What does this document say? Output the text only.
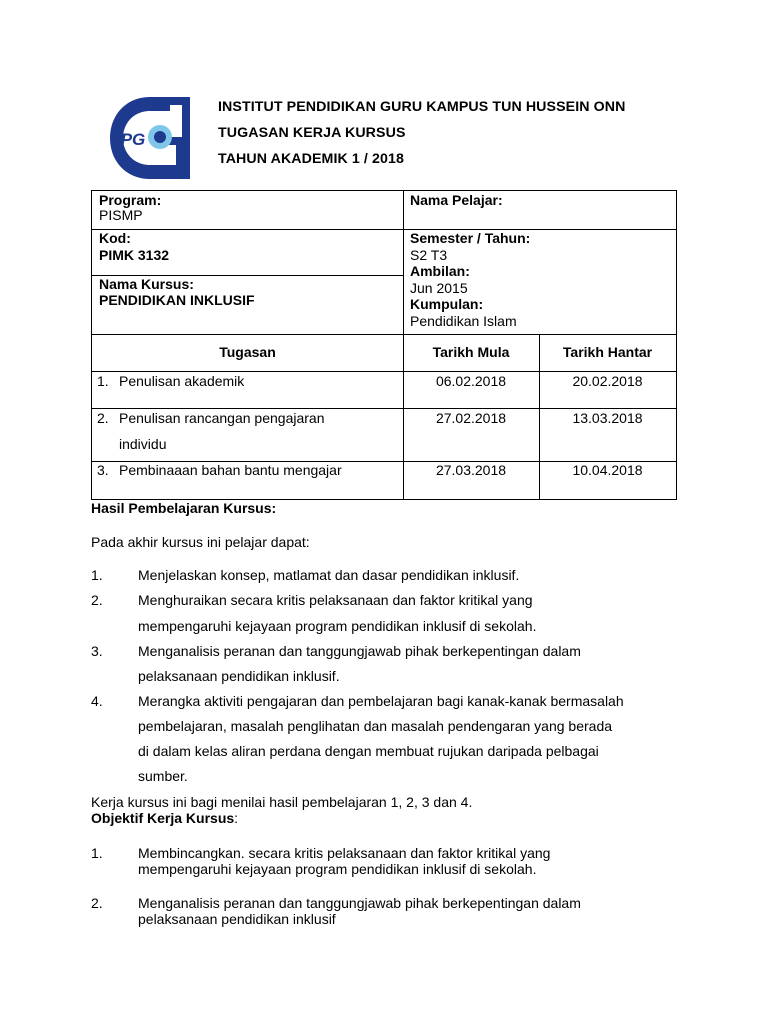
IPG
INSTITUT PENDIDIKAN GURU KAMPUS TUN HUSSEIN ONN
TUGASAN KERJA KURSUS
TAHUN AKADEMIK 1 / 2018
Program:
PISMP
Nama Pelajar:
Kod:
PIMK 3132
Nama Kursus:
PENDIDIKAN INKLUSIF
Semester / Tahun:
S2 T3
Ambilan:
Jun 2015
Kumpulan:
Pendidikan Islam
Tugasan	Tarikh Mula	Tarikh Hantar
1. Penulisan akademik	06.02.2018	20.02.2018
2. Penulisan rancangan pengajaran
individu
27.02.2018	13.03.2018
3. Pembinaaan bahan bantu mengajar	27.03.2018	10.04.2018
Hasil Pembelajaran Kursus:
Pada akhir kursus ini pelajar dapat:
1.	Menjelaskan konsep, matlamat dan dasar pendidikan inklusif.
2.	Menghuraikan secara kritis pelaksanaan dan faktor kritikal yang
mempengaruhi kejayaan program pendidikan inklusif di sekolah.
3.	Menganalisis peranan dan tanggungjawab pihak berkepentingan dalam
pelaksanaan pendidikan inklusif.
4.	Merangka aktiviti pengajaran dan pembelajaran bagi kanak-kanak bermasalah
pembelajaran, masalah penglihatan dan masalah pendengaran yang berada
di dalam kelas aliran perdana dengan membuat rujukan daripada pelbagai
sumber.
Kerja kursus ini bagi menilai hasil pembelajaran 1, 2, 3 dan 4.
Objektif Kerja Kursus:
1.	Membincangkan. secara kritis pelaksanaan dan faktor kritikal yang
mempengaruhi kejayaan program pendidikan inklusif di sekolah.
2.	Menganalisis peranan dan tanggungjawab pihak berkepentingan dalam
pelaksanaan pendidikan inklusif
